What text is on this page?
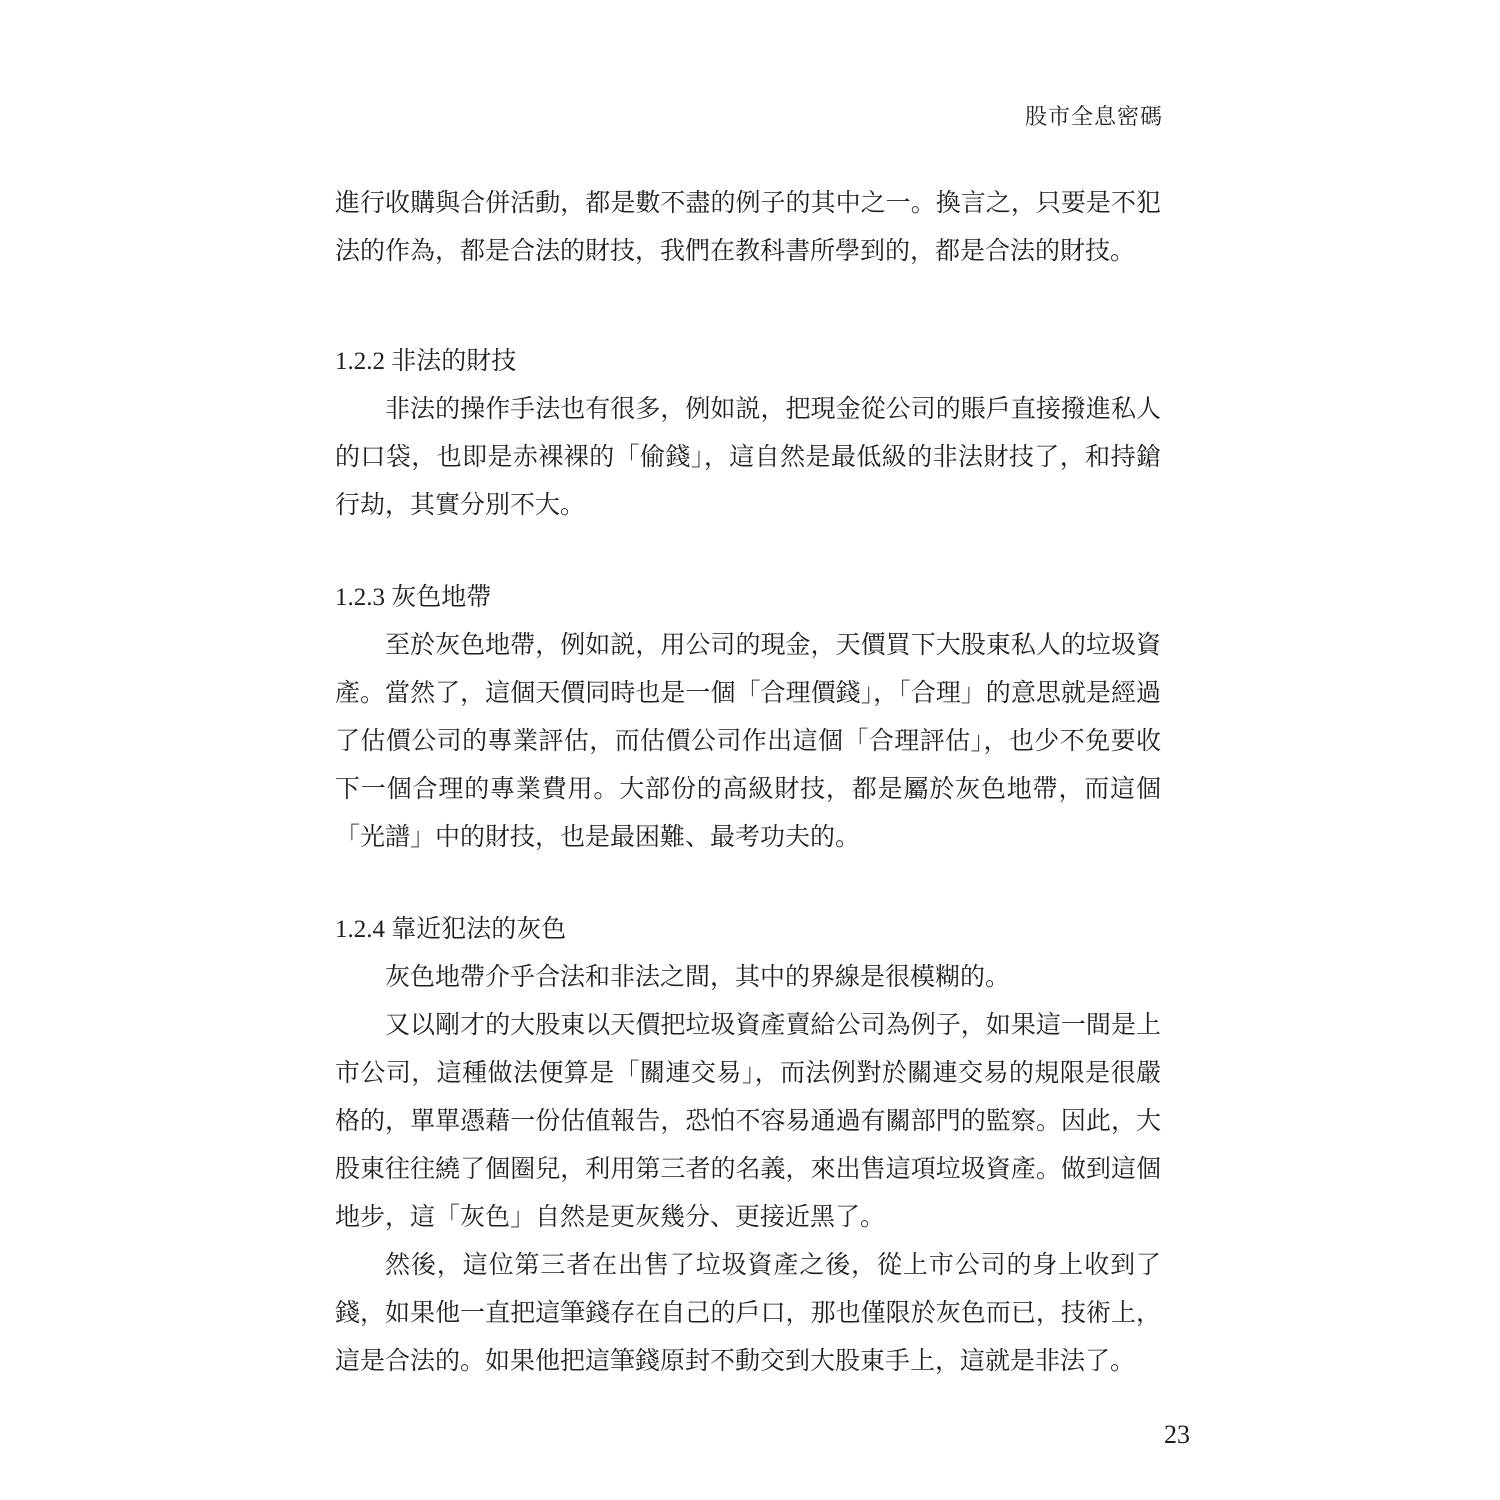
股市全息密碼

進行收購與合併活動，都是數不盡的例子的其中之一。換言之，只要是不犯法的作為，都是合法的財技，我們在教科書所學到的，都是合法的財技。

1.2.2 非法的財技

非法的操作手法也有很多，例如説，把現金從公司的賬戶直接撥進私人的口袋，也即是赤裸裸的「偷錢」，這自然是最低級的非法財技了，和持鎗行劫，其實分別不大。

1.2.3 灰色地帶

至於灰色地帶，例如説，用公司的現金，天價買下大股東私人的垃圾資產。當然了，這個天價同時也是一個「合理價錢」，「合理」的意思就是經過了估價公司的專業評估，而估價公司作出這個「合理評估」，也少不免要收下一個合理的專業費用。大部份的高級財技，都是屬於灰色地帶，而這個「光譜」中的財技，也是最困難、最考功夫的。

1.2.4 靠近犯法的灰色

灰色地帶介乎合法和非法之間，其中的界線是很模糊的。

又以剛才的大股東以天價把垃圾資產賣給公司為例子，如果這一間是上市公司，這種做法便算是「關連交易」，而法例對於關連交易的規限是很嚴格的，單單憑藉一份估值報告，恐怕不容易通過有關部門的監察。因此，大股東往往繞了個圈兒，利用第三者的名義，來出售這項垃圾資產。做到這個地步，這「灰色」自然是更灰幾分、更接近黑了。

然後，這位第三者在出售了垃圾資產之後，從上市公司的身上收到了錢，如果他一直把這筆錢存在自己的戶口，那也僅限於灰色而已，技術上，這是合法的。如果他把這筆錢原封不動交到大股東手上，這就是非法了。

23
